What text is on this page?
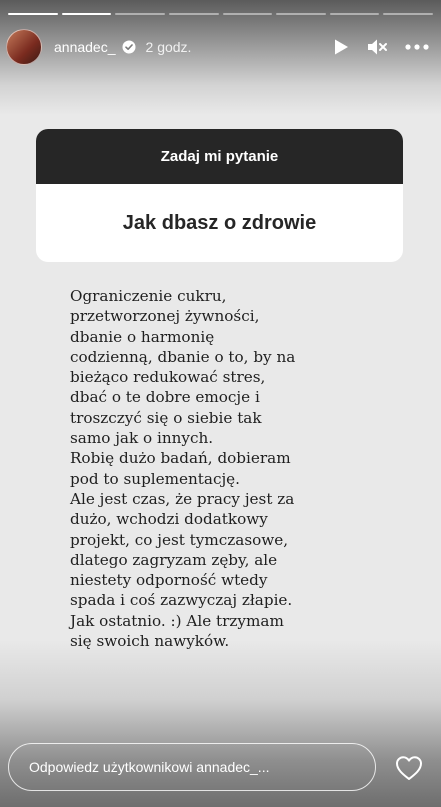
annadec_ 2 godz.
Zadaj mi pytanie
Jak dbasz o zdrowie

Ograniczenie cukru,
przetworzonej żywności,
dbanie o harmonię
codzienną, dbanie o to, by na
bieżąco redukować stres,
dbać o te dobre emocje i
troszczyć się o siebie tak
samo jak o innych.
Robię dużo badań, dobieram
pod to suplementację.
Ale jest czas, że pracy jest za
dużo, wchodzi dodatkowy
projekt, co jest tymczasowe,
dlatego zagryzam zęby, ale
niestety odporność wtedy
spada i coś zazwyczaj złapie.
Jak ostatnio. :) Ale trzymam
się swoich nawyków.

Odpowiedz użytkownikowi annadec_...
